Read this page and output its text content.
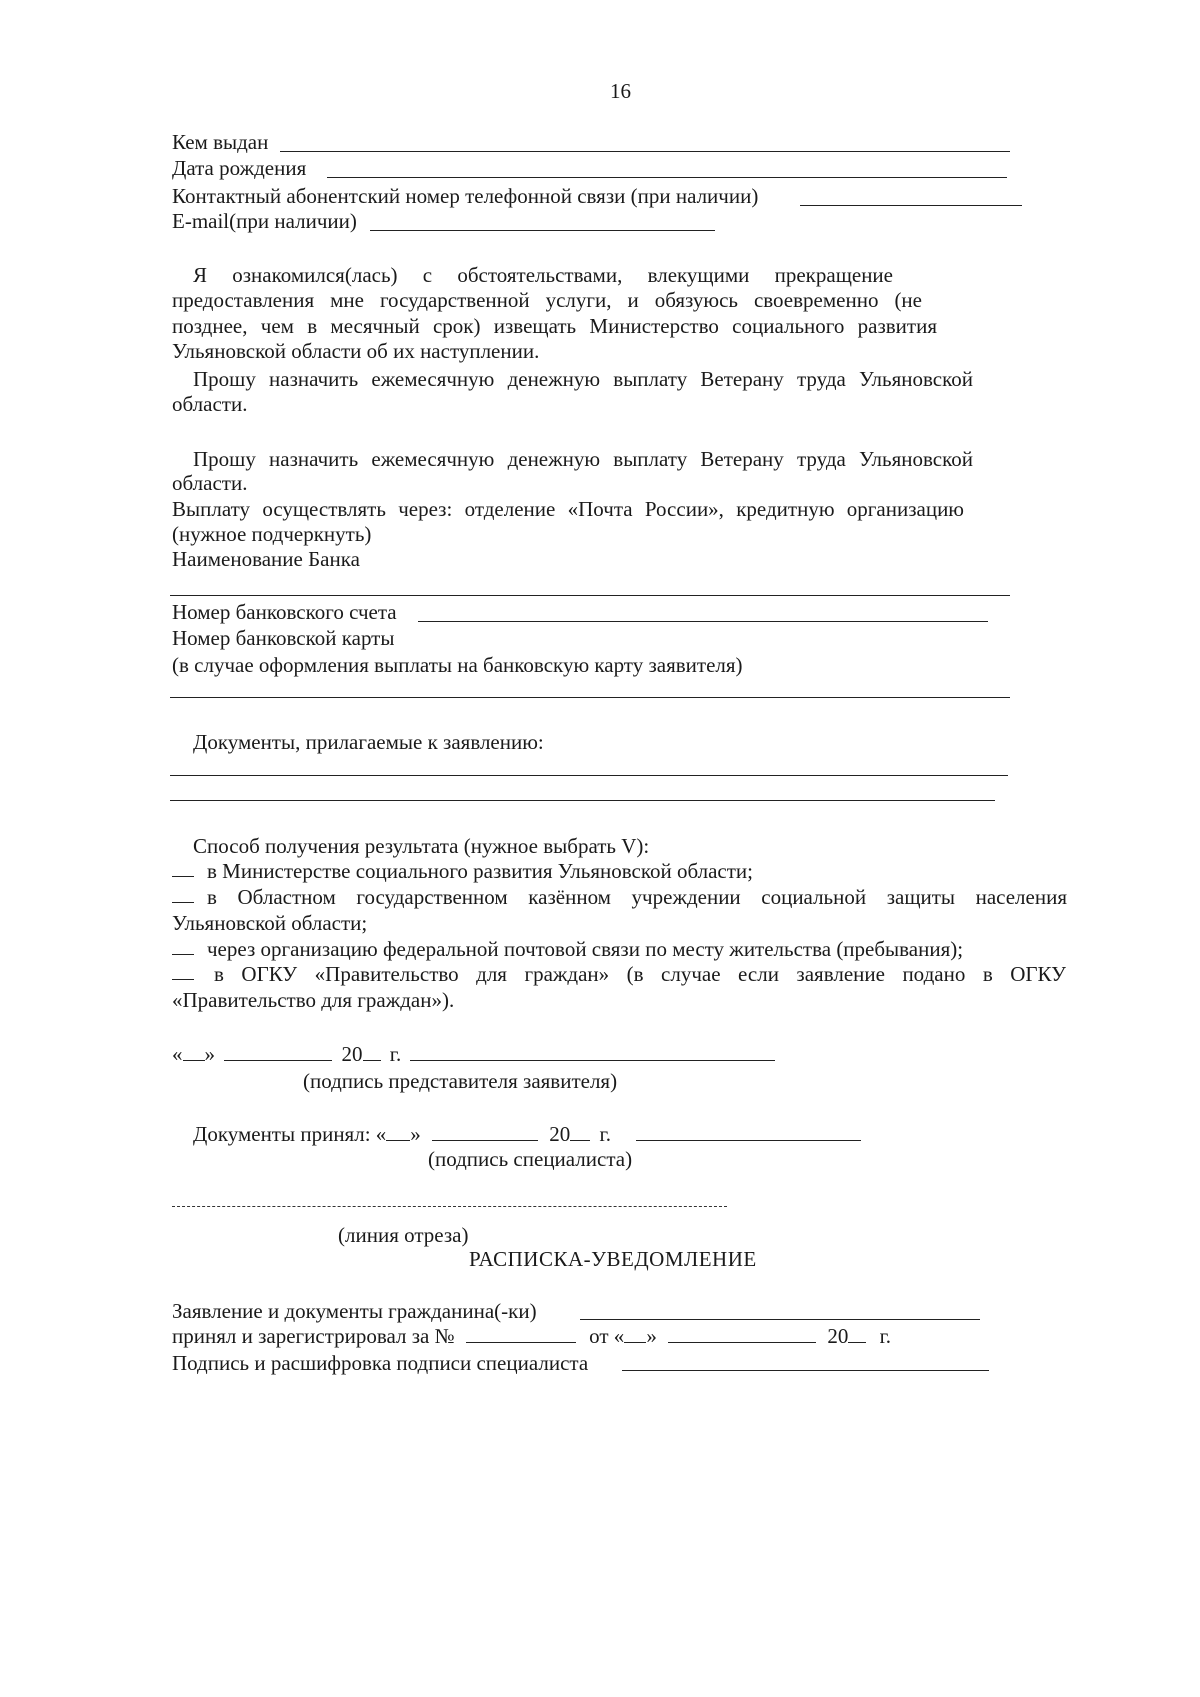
16
Кем выдан
Дата рождения
Контактный абонентский номер телефонной связи (при наличии)
E-mail(при наличии)
Я ознакомился(лась) с обстоятельствами, влекущими прекращение
предоставления мне государственной услуги, и обязуюсь своевременно (не
позднее, чем в месячный срок) извещать Министерство социального развития
Ульяновской области об их наступлении.
Прошу назначить ежемесячную денежную выплату Ветерану труда Ульяновской
области.
Прошу назначить ежемесячную денежную выплату Ветерану труда Ульяновской
области.
Выплату осуществлять через: отделение «Почта России», кредитную организацию
(нужное подчеркнуть)
Наименование Банка
Номер банковского счета
Номер банковской карты
(в случае оформления выплаты на банковскую карту заявителя)
Документы, прилагаемые к заявлению:
Способ получения результата (нужное выбрать V):
в Министерстве социального развития Ульяновской области;
в Областном государственном казённом учреждении социальной защиты населения
Ульяновской области;
через организацию федеральной почтовой связи по месту жительства (пребывания);
в ОГКУ «Правительство для граждан» (в случае если заявление подано в ОГКУ
«Правительство для граждан»).
« »	20 г.
(подпись представителя заявителя)
Документы принял: « »	20 г.
(подпись специалиста)
(линия отреза)
РАСПИСКА-УВЕДОМЛЕНИЕ
Заявление и документы гражданина(-ки)
принял и зарегистрировал за №	от « »	20 г.
Подпись и расшифровка подписи специалиста
